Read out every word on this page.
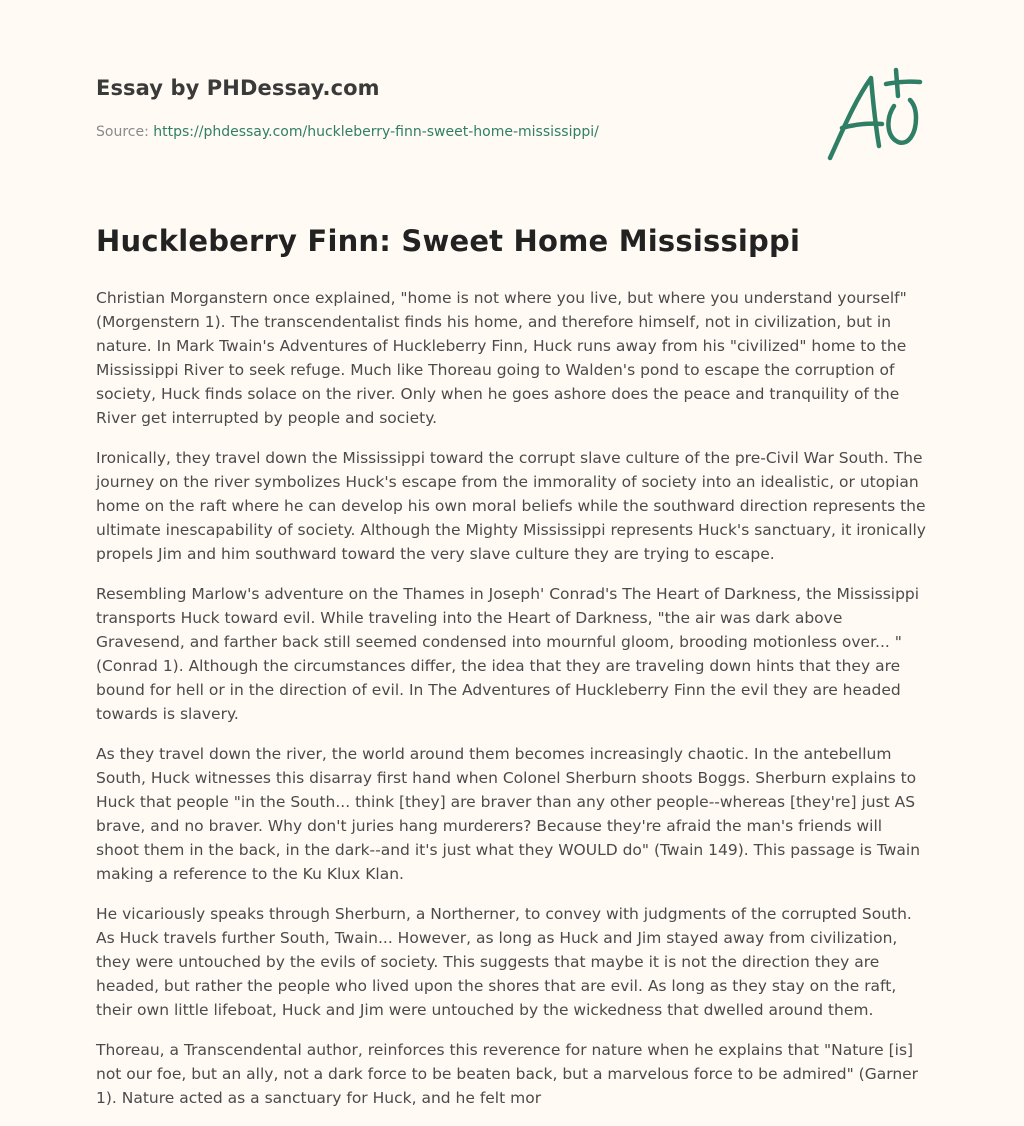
Essay by PHDessay.com
Source: https://phdessay.com/huckleberry-finn-sweet-home-mississippi/
Huckleberry Finn: Sweet Home Mississippi

Christian Morganstern once explained, "home is not where you live, but where you understand yourself" (Morgenstern 1). The transcendentalist finds his home, and therefore himself, not in civilization, but in nature. In Mark Twain's Adventures of Huckleberry Finn, Huck runs away from his "civilized" home to the Mississippi River to seek refuge. Much like Thoreau going to Walden's pond to escape the corruption of society, Huck finds solace on the river. Only when he goes ashore does the peace and tranquility of the River get interrupted by people and society.

Ironically, they travel down the Mississippi toward the corrupt slave culture of the pre-Civil War South. The journey on the river symbolizes Huck's escape from the immorality of society into an idealistic, or utopian home on the raft where he can develop his own moral beliefs while the southward direction represents the ultimate inescapability of society. Although the Mighty Mississippi represents Huck's sanctuary, it ironically propels Jim and him southward toward the very slave culture they are trying to escape.

Resembling Marlow's adventure on the Thames in Joseph' Conrad's The Heart of Darkness, the Mississippi transports Huck toward evil. While traveling into the Heart of Darkness, "the air was dark above Gravesend, and farther back still seemed condensed into mournful gloom, brooding motionless over... " (Conrad 1). Although the circumstances differ, the idea that they are traveling down hints that they are bound for hell or in the direction of evil. In The Adventures of Huckleberry Finn the evil they are headed towards is slavery.

As they travel down the river, the world around them becomes increasingly chaotic. In the antebellum South, Huck witnesses this disarray first hand when Colonel Sherburn shoots Boggs. Sherburn explains to Huck that people "in the South... think [they] are braver than any other people--whereas [they're] just AS brave, and no braver. Why don't juries hang murderers? Because they're afraid the man's friends will shoot them in the back, in the dark--and it's just what they WOULD do" (Twain 149). This passage is Twain making a reference to the Ku Klux Klan.

He vicariously speaks through Sherburn, a Northerner, to convey with judgments of the corrupted South. As Huck travels further South, Twain... However, as long as Huck and Jim stayed away from civilization, they were untouched by the evils of society. This suggests that maybe it is not the direction they are headed, but rather the people who lived upon the shores that are evil. As long as they stay on the raft, their own little lifeboat, Huck and Jim were untouched by the wickedness that dwelled around them.

Thoreau, a Transcendental author, reinforces this reverence for nature when he explains that "Nature [is] not our foe, but an ally, not a dark force to be beaten back, but a marvelous force to be admired" (Garner 1). Nature acted as a sanctuary for Huck, and he felt mor
